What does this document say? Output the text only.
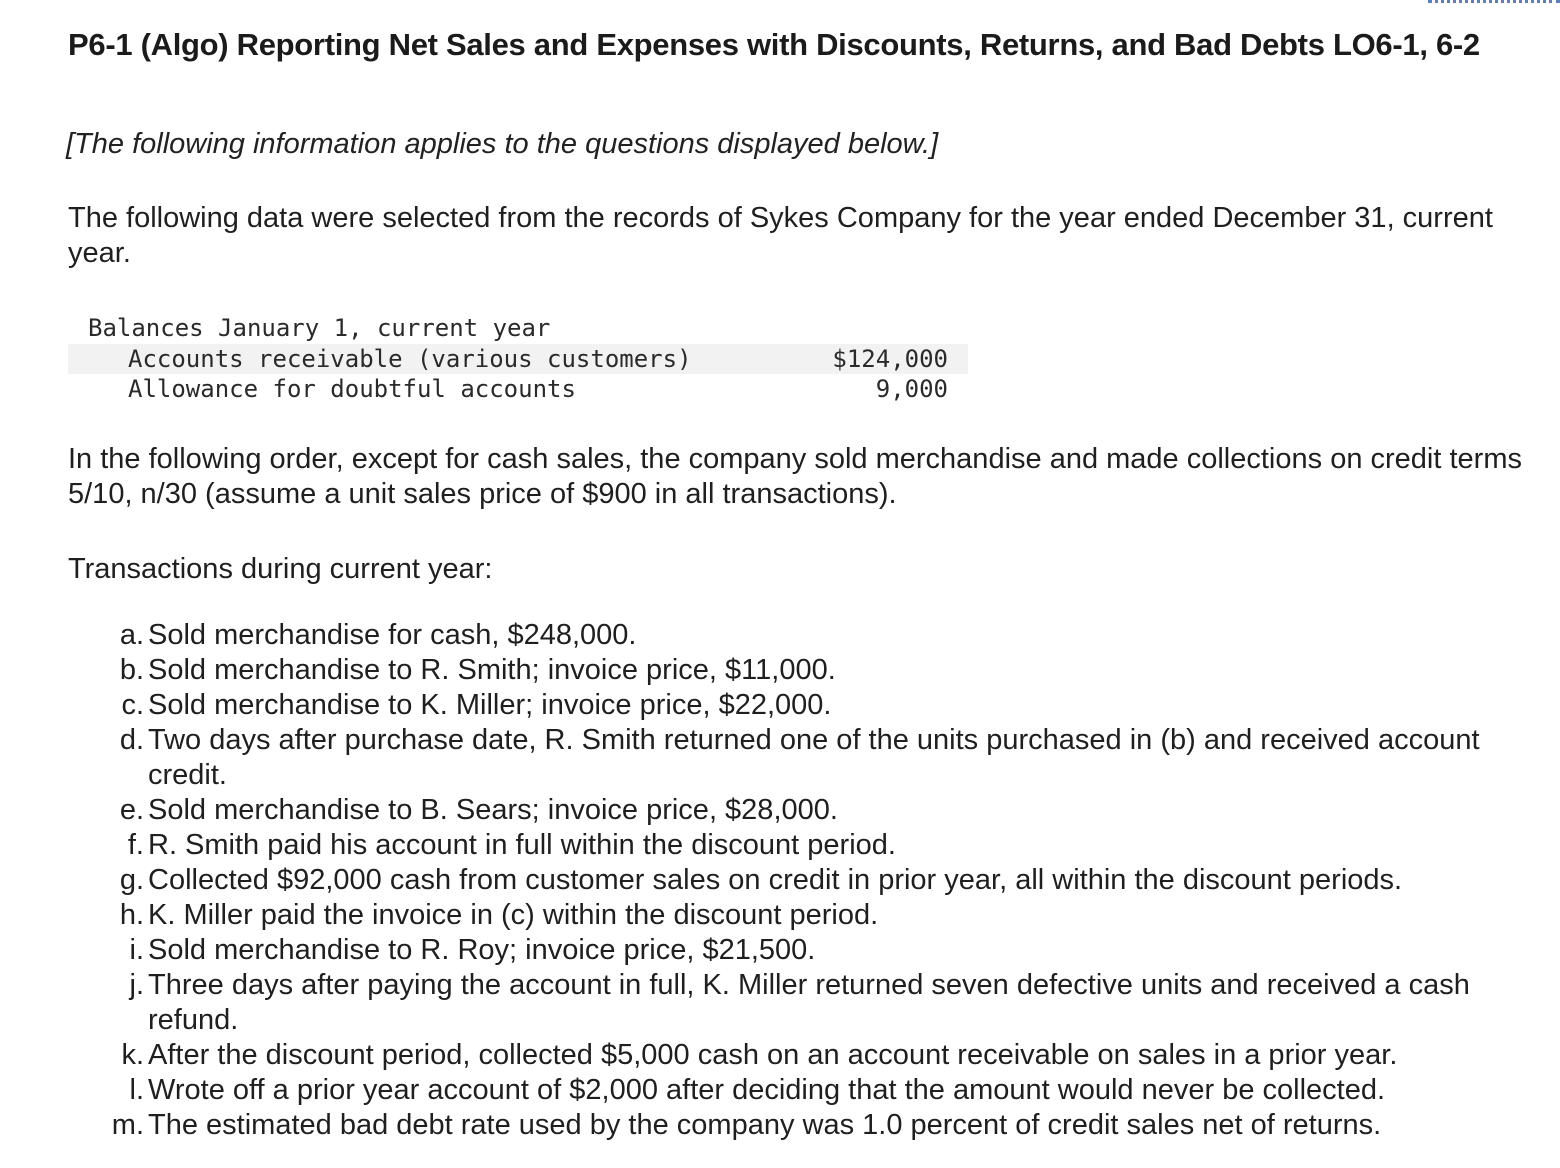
P6-1 (Algo) Reporting Net Sales and Expenses with Discounts, Returns, and Bad Debts LO6-1, 6-2

[The following information applies to the questions displayed below.]

The following data were selected from the records of Sykes Company for the year ended December 31, current year.

Balances January 1, current year
Accounts receivable (various customers)	$124,000
Allowance for doubtful accounts	9,000

In the following order, except for cash sales, the company sold merchandise and made collections on credit terms 5/10, n/30 (assume a unit sales price of $900 in all transactions).

Transactions during current year:

a. Sold merchandise for cash, $248,000.
b. Sold merchandise to R. Smith; invoice price, $11,000.
c. Sold merchandise to K. Miller; invoice price, $22,000.
d. Two days after purchase date, R. Smith returned one of the units purchased in (b) and received account credit.
e. Sold merchandise to B. Sears; invoice price, $28,000.
f. R. Smith paid his account in full within the discount period.
g. Collected $92,000 cash from customer sales on credit in prior year, all within the discount periods.
h. K. Miller paid the invoice in (c) within the discount period.
i. Sold merchandise to R. Roy; invoice price, $21,500.
j. Three days after paying the account in full, K. Miller returned seven defective units and received a cash refund.
k. After the discount period, collected $5,000 cash on an account receivable on sales in a prior year.
l. Wrote off a prior year account of $2,000 after deciding that the amount would never be collected.
m. The estimated bad debt rate used by the company was 1.0 percent of credit sales net of returns.
